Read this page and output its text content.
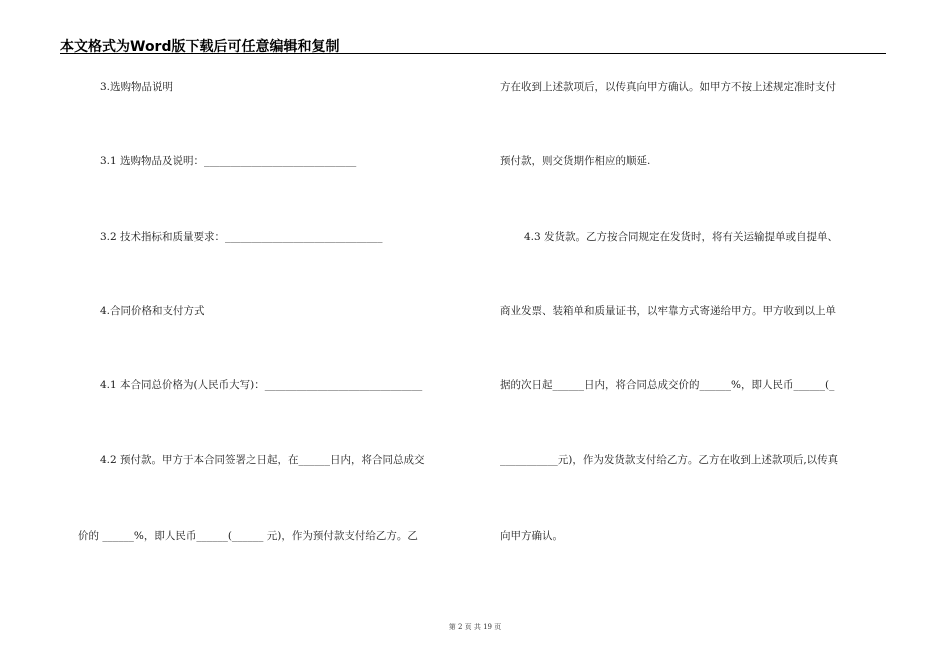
本文格式为Word版下载后可任意编辑和复制
3.选购物品说明
3.1 选购物品及说明：_____________________________
3.2 技术指标和质量要求：______________________________
4.合同价格和支付方式
4.1 本合同总价格为(人民币大写)：______________________________
4.2 预付款。甲方于本合同签署之日起，在______日内，将合同总成交
价的 ______%，即人民币______(______ 元)，作为预付款支付给乙方。乙
方在收到上述款项后，以传真向甲方确认。如甲方不按上述规定准时支付
预付款，则交货期作相应的顺延.
4.3 发货款。乙方按合同规定在发货时，将有关运输提单或自提单、
商业发票、装箱单和质量证书，以牢靠方式寄递给甲方。甲方收到以上单
据的次日起______日内，将合同总成交价的______%，即人民币______(_
___________元)，作为发货款支付给乙方。乙方在收到上述款项后,以传真
向甲方确认。
第 2 页 共 19 页
